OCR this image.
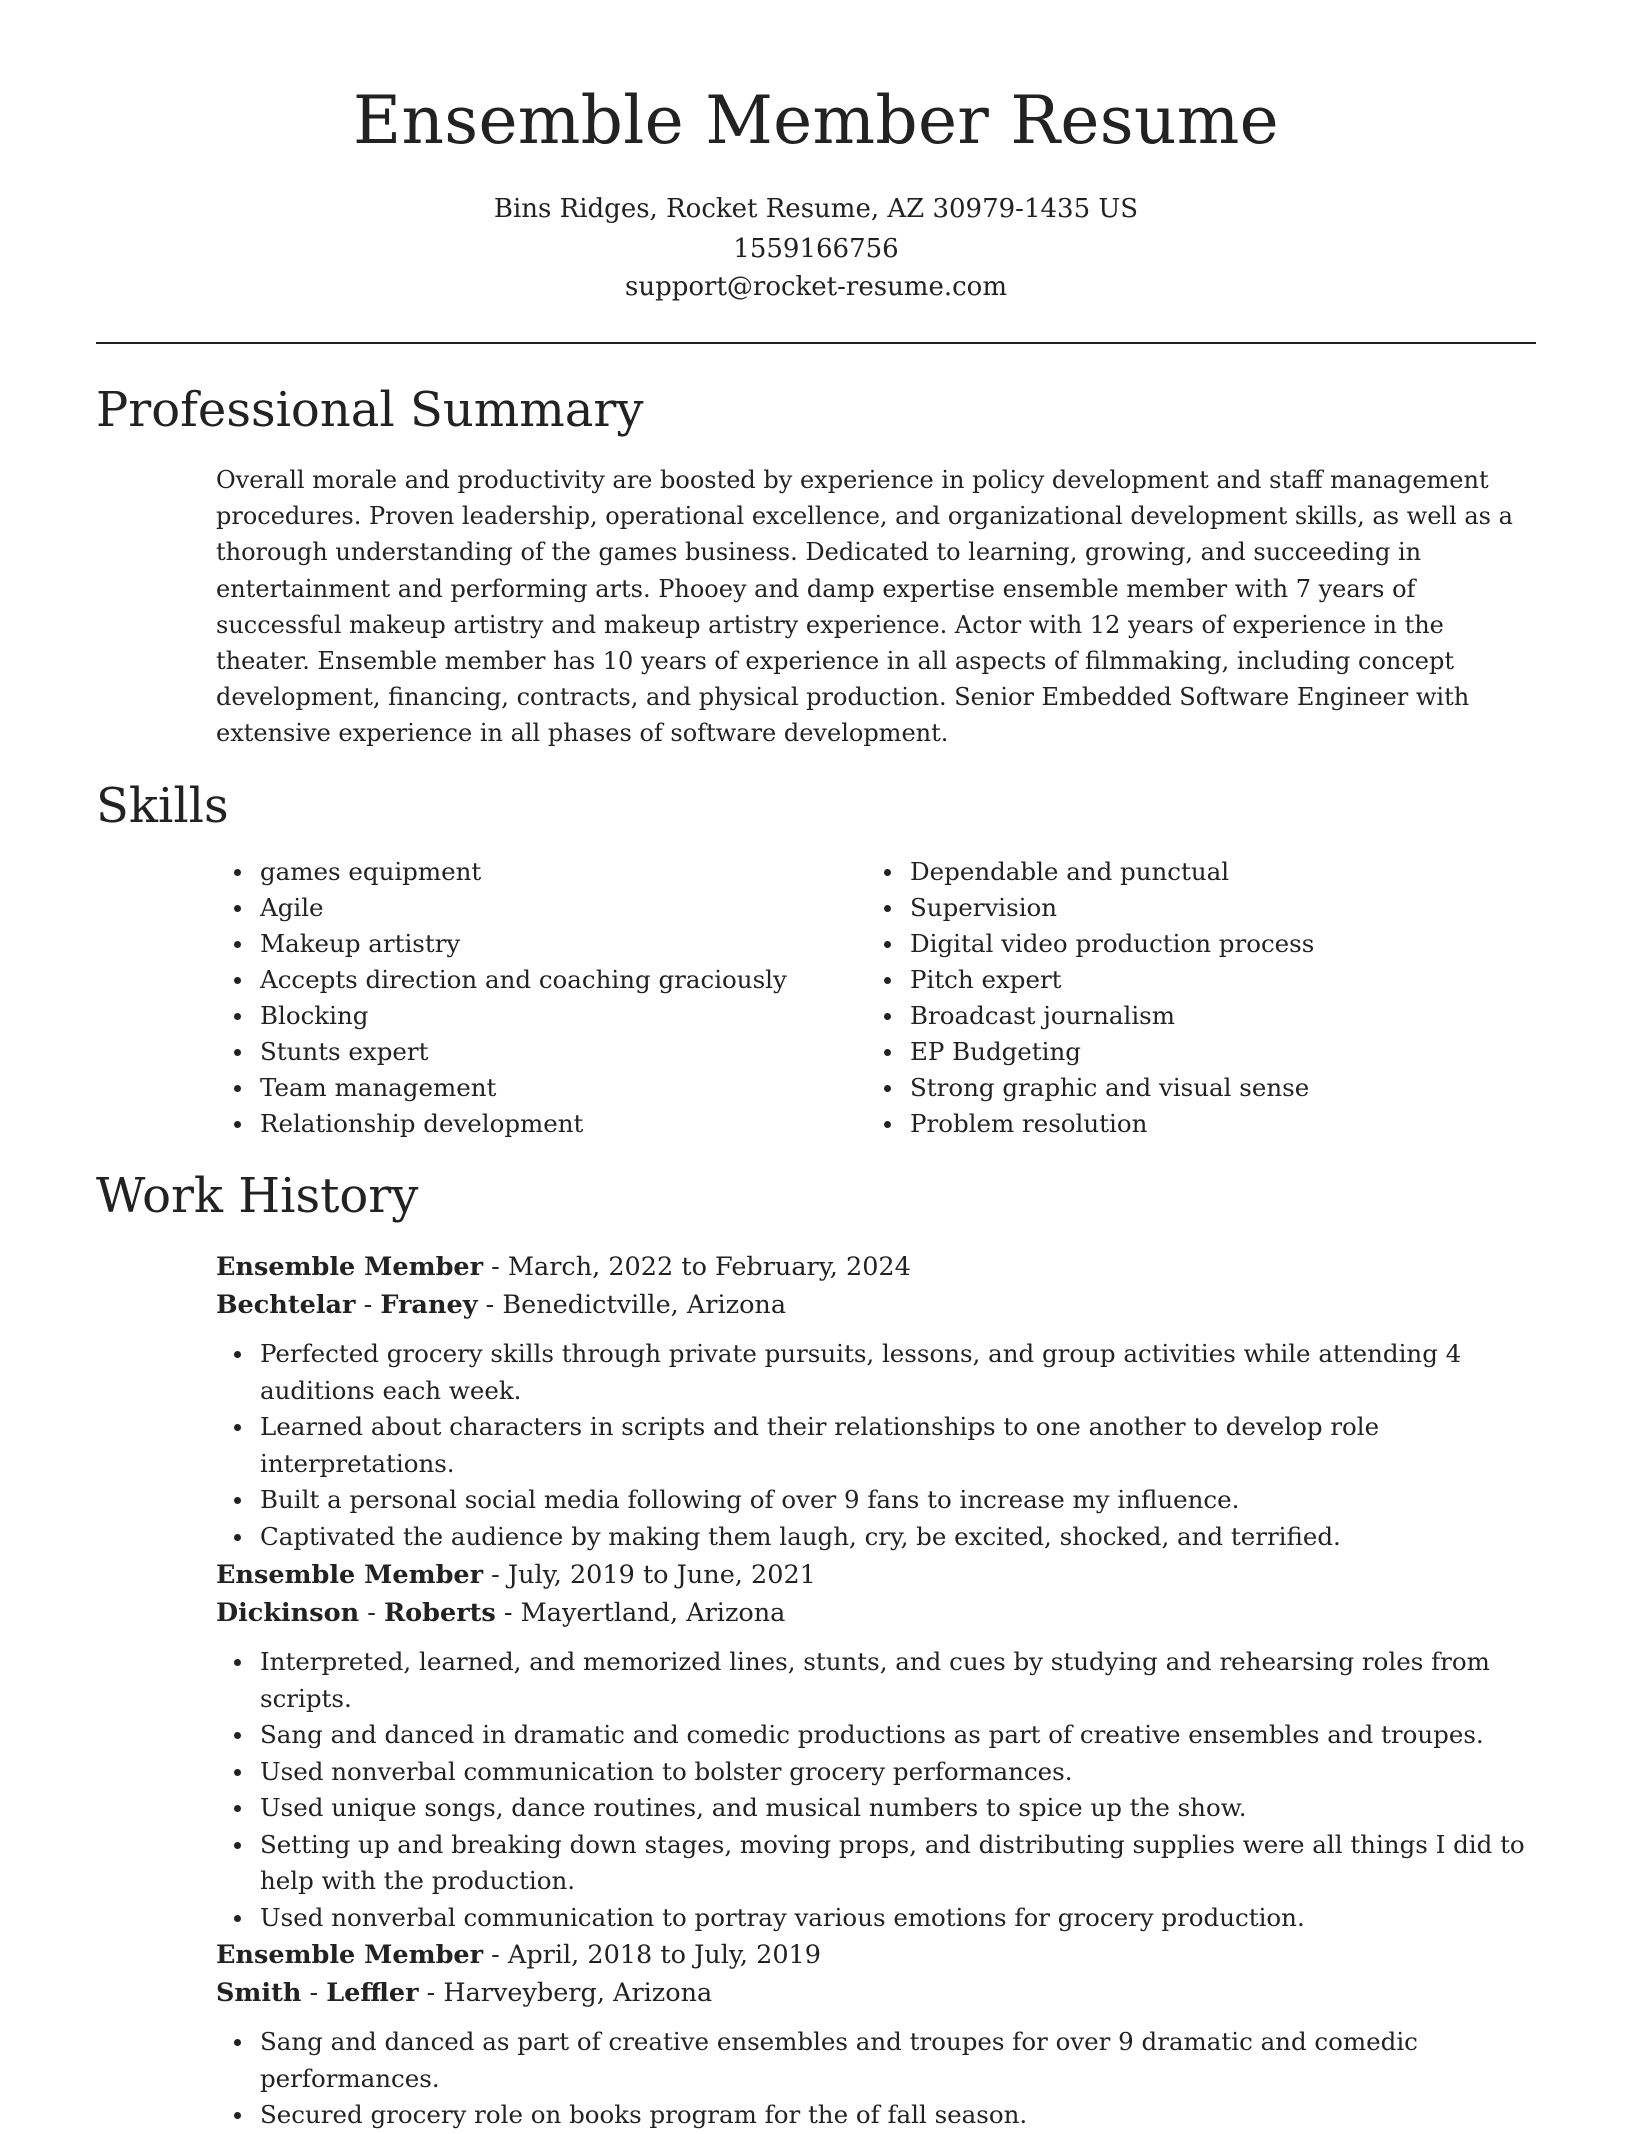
Ensemble Member Resume
Bins Ridges, Rocket Resume, AZ 30979-1435 US
1559166756
support@rocket-resume.com
Professional Summary

Overall morale and productivity are boosted by experience in policy development and staff management procedures. Proven leadership, operational excellence, and organizational development skills, as well as a thorough understanding of the games business. Dedicated to learning, growing, and succeeding in entertainment and performing arts. Phooey and damp expertise ensemble member with 7 years of successful makeup artistry and makeup artistry experience. Actor with 12 years of experience in the theater. Ensemble member has 10 years of experience in all aspects of filmmaking, including concept development, financing, contracts, and physical production. Senior Embedded Software Engineer with extensive experience in all phases of software development.

Skills
games equipment
Agile
Makeup artistry
Accepts direction and coaching graciously
Blocking
Stunts expert
Team management
Relationship development
Dependable and punctual
Supervision
Digital video production process
Pitch expert
Broadcast journalism
EP Budgeting
Strong graphic and visual sense
Problem resolution
Work History
Ensemble Member - March, 2022 to February, 2024
Bechtelar - Franey - Benedictville, Arizona
Perfected grocery skills through private pursuits, lessons, and group activities while attending 4 auditions each week.
Learned about characters in scripts and their relationships to one another to develop role interpretations.
Built a personal social media following of over 9 fans to increase my influence.
Captivated the audience by making them laugh, cry, be excited, shocked, and terrified.
Ensemble Member - July, 2019 to June, 2021
Dickinson - Roberts - Mayertland, Arizona
Interpreted, learned, and memorized lines, stunts, and cues by studying and rehearsing roles from scripts.
Sang and danced in dramatic and comedic productions as part of creative ensembles and troupes.
Used nonverbal communication to bolster grocery performances.
Used unique songs, dance routines, and musical numbers to spice up the show.
Setting up and breaking down stages, moving props, and distributing supplies were all things I did to help with the production.
Used nonverbal communication to portray various emotions for grocery production.
Ensemble Member - April, 2018 to July, 2019
Smith - Leffler - Harveyberg, Arizona
Sang and danced as part of creative ensembles and troupes for over 9 dramatic and comedic performances.
Secured grocery role on books program for the of fall season.
